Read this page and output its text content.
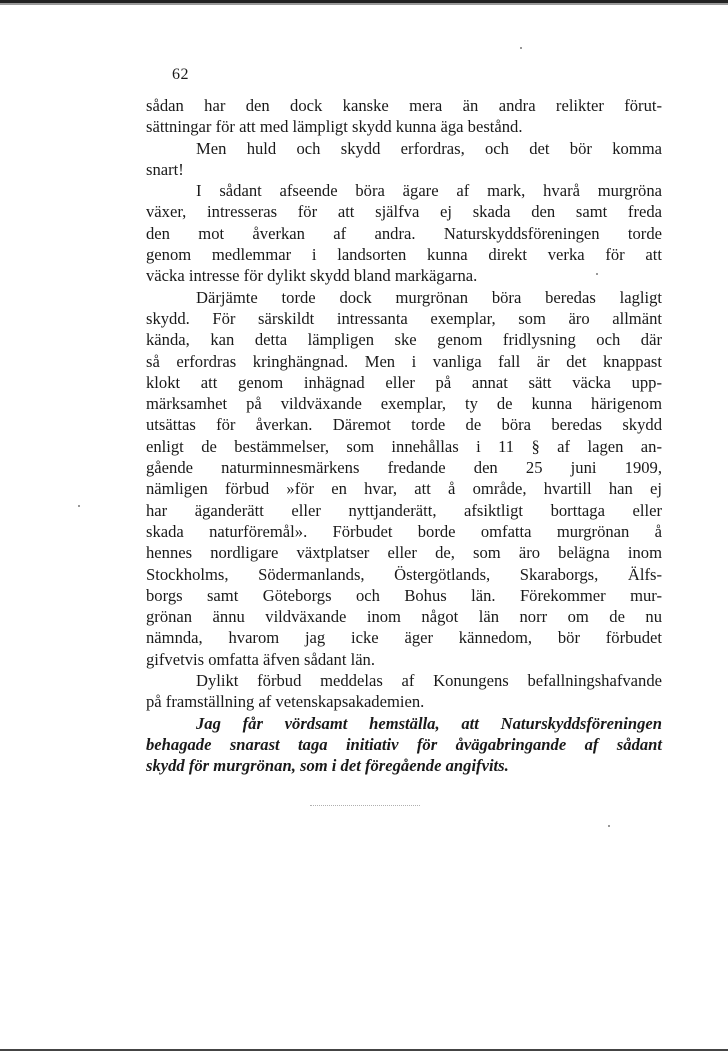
62
sådan har den dock kanske mera än andra relikter förut-
sättningar för att med lämpligt skydd kunna äga bestånd.
Men huld och skydd erfordras, och det bör komma
snart!
I sådant afseende böra ägare af mark, hvarå murgröna
växer, intresseras för att själfva ej skada den samt freda
den mot åverkan af andra. Naturskyddsföreningen torde
genom medlemmar i landsorten kunna direkt verka för att
väcka intresse för dylikt skydd bland markägarna.
Därjämte torde dock murgrönan böra beredas lagligt
skydd. För särskildt intressanta exemplar, som äro allmänt
kända, kan detta lämpligen ske genom fridlysning och där
så erfordras kringhängnad. Men i vanliga fall är det knappast
klokt att genom inhägnad eller på annat sätt väcka upp-
märksamhet på vildväxande exemplar, ty de kunna härigenom
utsättas för åverkan. Däremot torde de böra beredas skydd
enligt de bestämmelser, som innehållas i 11 § af lagen an-
gående naturminnesmärkens fredande den 25 juni 1909,
nämligen förbud »för en hvar, att å område, hvartill han ej
har äganderätt eller nyttjanderätt, afsiktligt borttaga eller
skada naturföremål». Förbudet borde omfatta murgrönan å
hennes nordligare växtplatser eller de, som äro belägna inom
Stockholms, Södermanlands, Östergötlands, Skaraborgs, Älfs-
borgs samt Göteborgs och Bohus län. Förekommer mur-
grönan ännu vildväxande inom något län norr om de nu
nämnda, hvarom jag icke äger kännedom, bör förbudet
gifvetvis omfatta äfven sådant län.
Dylikt förbud meddelas af Konungens befallningshafvande
på framställning af vetenskapsakademien.
Jag får vördsamt hemställa, att Naturskyddsföreningen
behagade snarast taga initiativ för åvägabringande af sådant
skydd för murgrönan, som i det föregående angifvits.
